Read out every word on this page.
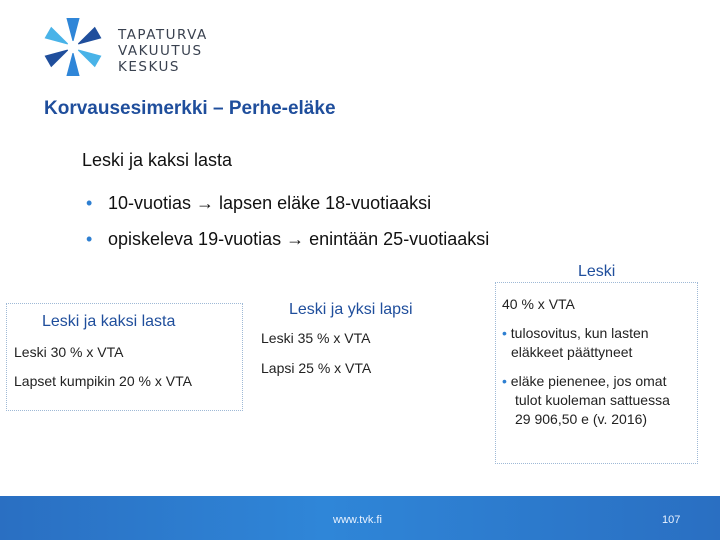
TAPATURVA
VAKUUTUS
KESKUS
Korvausesimerkki – Perhe-eläke
Leski ja kaksi lasta
• 10-vuotias → lapsen eläke 18-vuotiaaksi
• opiskeleva 19-vuotias → enintään 25-vuotiaaksi
Leski
Leski ja kaksi lasta
Leski 30 % x VTA
Lapset kumpikin 20 % x VTA
Leski ja yksi lapsi
Leski 35 % x VTA
Lapsi 25 % x VTA
40 % x VTA
• tulosovitus, kun lasten
eläkkeet päättyneet
• eläke pienenee, jos omat
tulot kuoleman sattuessa
29 906,50 e (v. 2016)
www.tvk.fi	107
